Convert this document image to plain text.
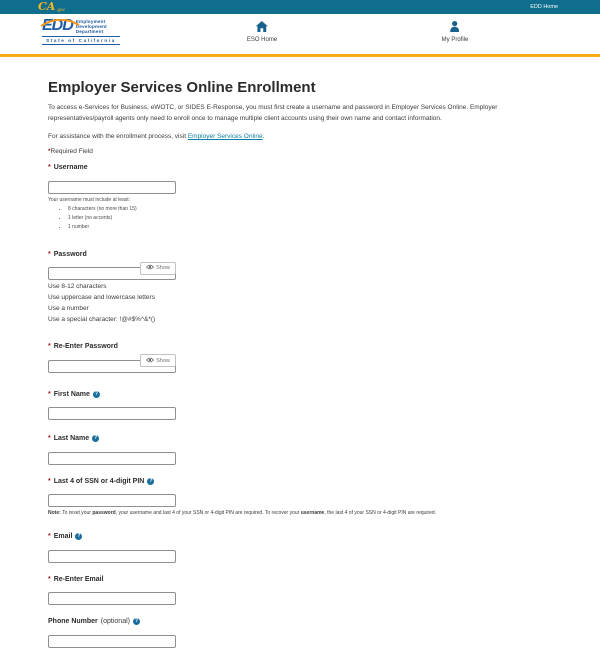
CA .gov	EDD Home
EDD Employment
Development
Department
State of California	ESO Home	My Profile
Employer Services Online Enrollment

To access e-Services for Business, eWOTC, or SIDES E-Response, you must first create a username and password in Employer Services Online. Employer representatives/payroll agents only need to enroll once to manage multiple client accounts using their own name and contact information.

For assistance with the enrollment process, visit Employer Services Online.

*Required Field

* Username
Your username must include at least:
• 8 characters (no more than 15)
• 1 letter (no accents)
• 1 number
* Password
Show
Use 8-12 characters
Use uppercase and lowercase letters
Use a number
Use a special character: !@#$%^&*()
* Re-Enter Password
Show
* First Name ?
* Last Name ?
* Last 4 of SSN or 4-digit PIN ?
Note: To reset your password, your username and last 4 of your SSN or 4-digit PIN are required. To recover your username, the last 4 of your SSN or 4-digit PIN are required.
* Email ?
* Re-Enter Email
Phone Number (optional) ?
